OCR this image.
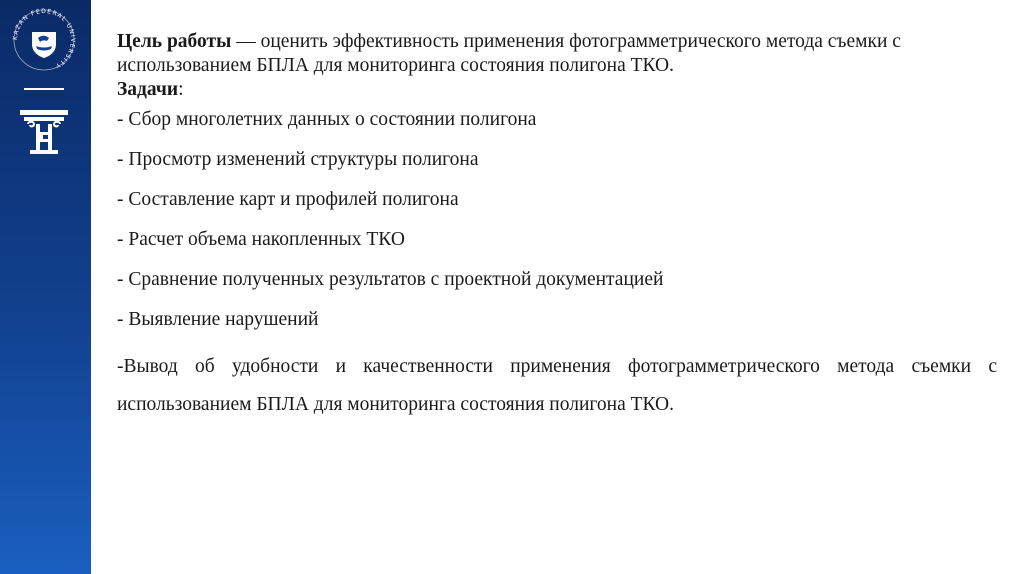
KAZAN FEDERAL UNIVERSITY

Цель работы — оценить эффективность применения фотограмметрического метода съемки с использованием БПЛА для мониторинга состояния полигона ТКО.

Задачи:

- Сбор многолетних данных о состоянии полигона
- Просмотр изменений структуры полигона
- Составление карт и профилей полигона
- Расчет объема накопленных ТКО
- Сравнение полученных результатов с проектной документацией
- Выявление нарушений

-Вывод об удобности и качественности применения фотограмметрического метода съемки с использованием БПЛА для мониторинга состояния полигона ТКО.
